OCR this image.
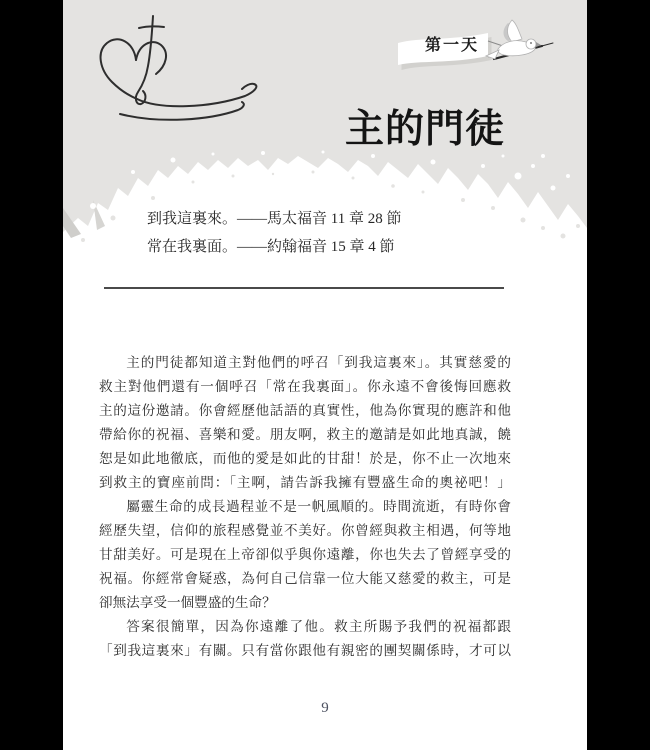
第一天
主的門徒
到我這裏來。——馬太福音 11 章 28 節
常在我裏面。——約翰福音 15 章 4 節
主的門徒都知道主對他們的呼召「到我這裏來」。其實慈愛的
救主對他們還有一個呼召「常在我裏面」。你永遠不會後悔回應救
主的這份邀請。你會經歷他話語的真實性，他為你實現的應許和他
帶給你的祝福、喜樂和愛。朋友啊，救主的邀請是如此地真誠，饒
恕是如此地徹底，而他的愛是如此的甘甜！於是，你不止一次地來
到救主的寶座前問：「主啊，請告訴我擁有豐盛生命的奧祕吧！」
屬靈生命的成長過程並不是一帆風順的。時間流逝，有時你會
經歷失望，信仰的旅程感覺並不美好。你曾經與救主相遇，何等地
甘甜美好。可是現在上帝卻似乎與你遠離，你也失去了曾經享受的
祝福。你經常會疑惑，為何自己信靠一位大能又慈愛的救主，可是
卻無法享受一個豐盛的生命？
答案很簡單，因為你遠離了他。救主所賜予我們的祝福都跟
「到我這裏來」有關。只有當你跟他有親密的團契關係時，才可以
9
